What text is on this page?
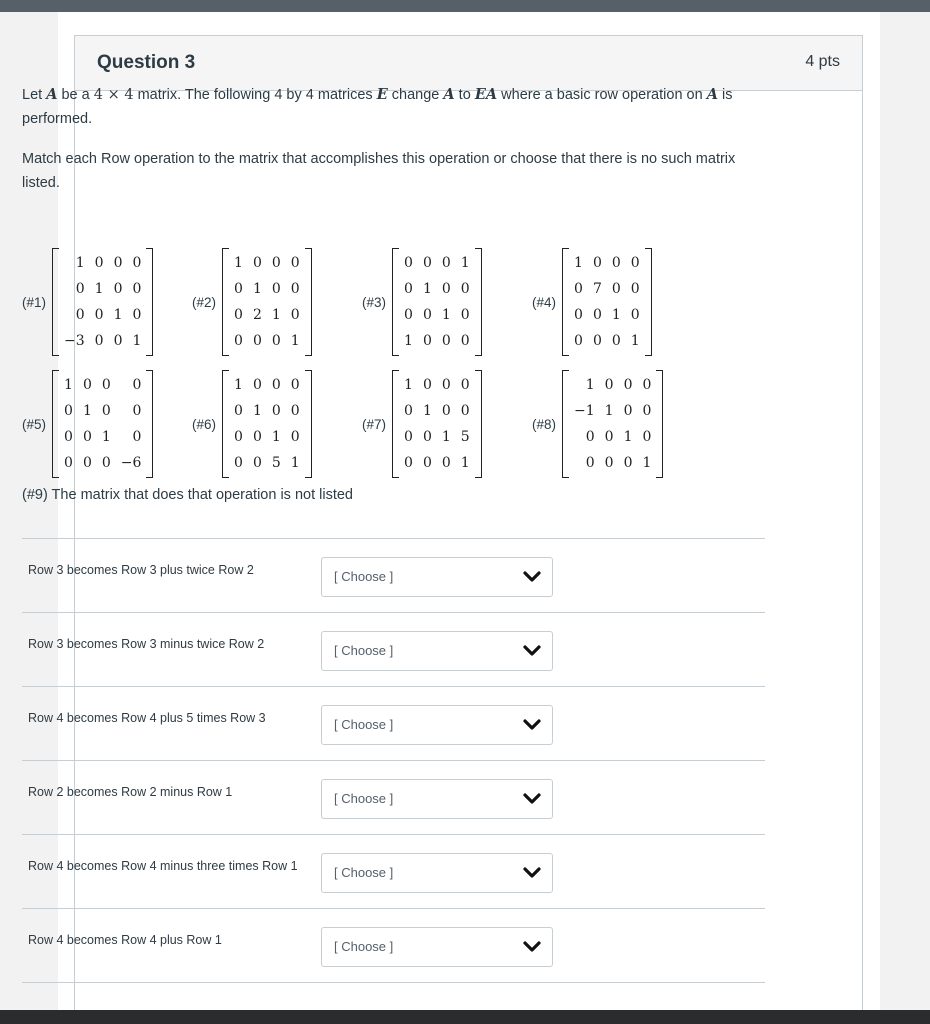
Question 3	4 pts

Let A be a 4 × 4 matrix. The following 4 by 4 matrices E change A to EA where a basic row operation on A is performed.

Match each Row operation to the matrix that accomplishes this operation or choose that there is no such matrix listed.

(#1)
1	0	0	0
0	1	0	0
0	0	1	0
−3	0	0	1
(#2)
1	0	0	0
0	1	0	0
0	2	1	0
0	0	0	1
(#3)
0	0	0	1
0	1	0	0
0	0	1	0
1	0	0	0
(#4)
1	0	0	0
0	7	0	0
0	0	1	0
0	0	0	1
(#5)
1	0	0	0
0	1	0	0
0	0	1	0
0	0	0	−6
(#6)
1	0	0	0
0	1	0	0
0	0	1	0
0	0	5	1
(#7)
1	0	0	0
0	1	0	0
0	0	1	5
0	0	0	1
(#8)
1	0	0	0
−1	1	0	0
0	0	1	0
0	0	0	1
(#9) The matrix that does that operation is not listed
Row 3 becomes Row 3 plus twice Row 2	[ Choose ]
Row 3 becomes Row 3 minus twice Row 2	[ Choose ]
Row 4 becomes Row 4 plus 5 times Row 3	[ Choose ]
Row 2 becomes Row 2 minus Row 1	[ Choose ]
Row 4 becomes Row 4 minus three times Row 1	[ Choose ]
Row 4 becomes Row 4 plus Row 1	[ Choose ]
